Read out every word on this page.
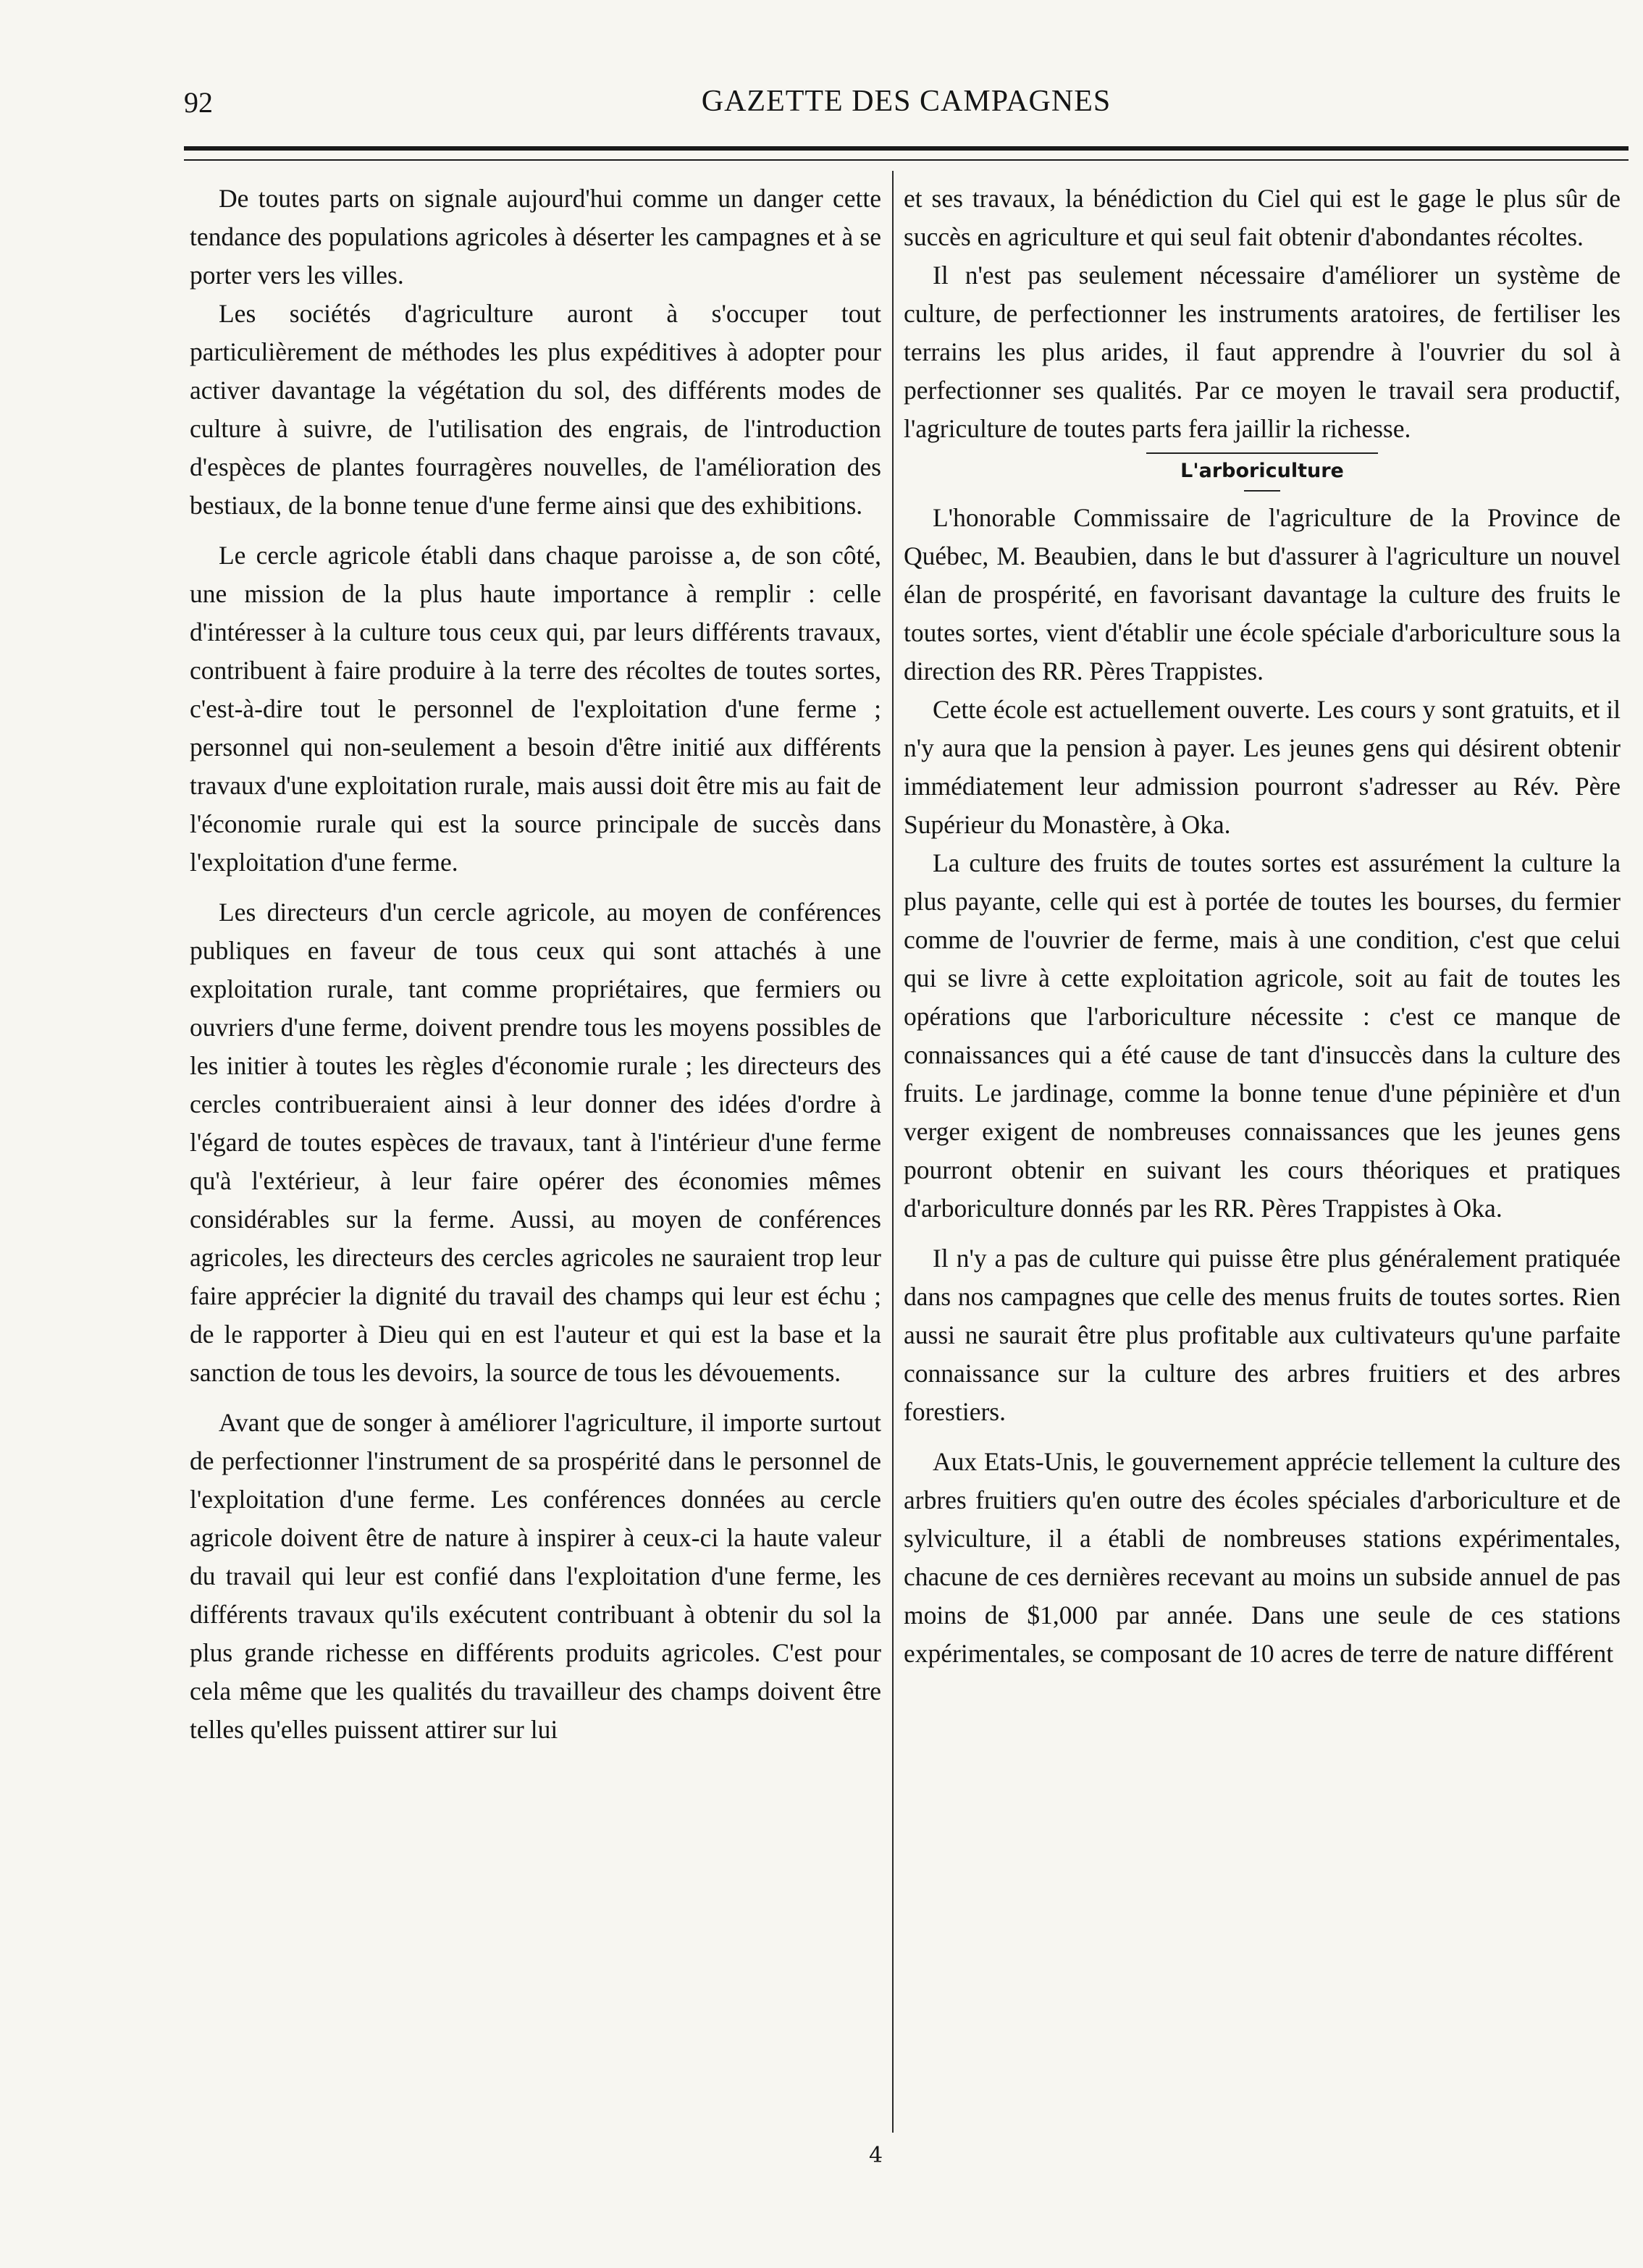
92	GAZETTE DES CAMPAGNES

De toutes parts on signale aujourd'hui comme un danger cette tendance des populations agricoles à déserter les campagnes et à se porter vers les villes.

Les sociétés d'agriculture auront à s'occuper tout particulièrement de méthodes les plus expéditives à adopter pour activer davantage la végétation du sol, des différents modes de culture à suivre, de l'utilisation des engrais, de l'introduction d'espèces de plantes fourragères nouvelles, de l'amélioration des bestiaux, de la bonne tenue d'une ferme ainsi que des exhibitions.

Le cercle agricole établi dans chaque paroisse a, de son côté, une mission de la plus haute importance à remplir : celle d'intéresser à la culture tous ceux qui, par leurs différents travaux, contribuent à faire produire à la terre des récoltes de toutes sortes, c'est-à-dire tout le personnel de l'exploitation d'une ferme ; personnel qui non-seulement a besoin d'être initié aux différents travaux d'une exploitation rurale, mais aussi doit être mis au fait de l'économie rurale qui est la source principale de succès dans l'exploitation d'une ferme.

Les directeurs d'un cercle agricole, au moyen de conférences publiques en faveur de tous ceux qui sont attachés à une exploitation rurale, tant comme propriétaires, que fermiers ou ouvriers d'une ferme, doivent prendre tous les moyens possibles de les initier à toutes les règles d'économie rurale ; les directeurs des cercles contribueraient ainsi à leur donner des idées d'ordre à l'égard de toutes espèces de travaux, tant à l'intérieur d'une ferme qu'à l'extérieur, à leur faire opérer des économies mêmes considérables sur la ferme. Aussi, au moyen de conférences agricoles, les directeurs des cercles agricoles ne sauraient trop leur faire apprécier la dignité du travail des champs qui leur est échu ; de le rapporter à Dieu qui en est l'auteur et qui est la base et la sanction de tous les devoirs, la source de tous les dévouements.

Avant que de songer à améliorer l'agriculture, il importe surtout de perfectionner l'instrument de sa prospérité dans le personnel de l'exploitation d'une ferme. Les conférences données au cercle agricole doivent être de nature à inspirer à ceux-ci la haute valeur du travail qui leur est confié dans l'exploitation d'une ferme, les différents travaux qu'ils exécutent contribuant à obtenir du sol la plus grande richesse en différents produits agricoles. C'est pour cela même que les qualités du travailleur des champs doivent être telles qu'elles puissent attirer sur lui

et ses travaux, la bénédiction du Ciel qui est le gage le plus sûr de succès en agriculture et qui seul fait obtenir d'abondantes récoltes.

Il n'est pas seulement nécessaire d'améliorer un système de culture, de perfectionner les instruments aratoires, de fertiliser les terrains les plus arides, il faut apprendre à l'ouvrier du sol à perfectionner ses qualités. Par ce moyen le travail sera productif, l'agriculture de toutes parts fera jaillir la richesse.

L'arboriculture

L'honorable Commissaire de l'agriculture de la Province de Québec, M. Beaubien, dans le but d'assurer à l'agriculture un nouvel élan de prospérité, en favorisant davantage la culture des fruits le toutes sortes, vient d'établir une école spéciale d'arboriculture sous la direction des RR. Pères Trappistes.

Cette école est actuellement ouverte. Les cours y sont gratuits, et il n'y aura que la pension à payer. Les jeunes gens qui désirent obtenir immédiatement leur admission pourront s'adresser au Rév. Père Supérieur du Monastère, à Oka.

La culture des fruits de toutes sortes est assurément la culture la plus payante, celle qui est à portée de toutes les bourses, du fermier comme de l'ouvrier de ferme, mais à une condition, c'est que celui qui se livre à cette exploitation agricole, soit au fait de toutes les opérations que l'arboriculture nécessite : c'est ce manque de connaissances qui a été cause de tant d'insuccès dans la culture des fruits. Le jardinage, comme la bonne tenue d'une pépinière et d'un verger exigent de nombreuses connaissances que les jeunes gens pourront obtenir en suivant les cours théoriques et pratiques d'arboriculture donnés par les RR. Pères Trappistes à Oka.

Il n'y a pas de culture qui puisse être plus généralement pratiquée dans nos campagnes que celle des menus fruits de toutes sortes. Rien aussi ne saurait être plus profitable aux cultivateurs qu'une parfaite connaissance sur la culture des arbres fruitiers et des arbres forestiers.

Aux Etats-Unis, le gouvernement apprécie tellement la culture des arbres fruitiers qu'en outre des écoles spéciales d'arboriculture et de sylviculture, il a établi de nombreuses stations expérimentales, chacune de ces dernières recevant au moins un subside annuel de pas moins de $1,000 par année. Dans une seule de ces stations expérimentales, se composant de 10 acres de terre de nature différent

4
